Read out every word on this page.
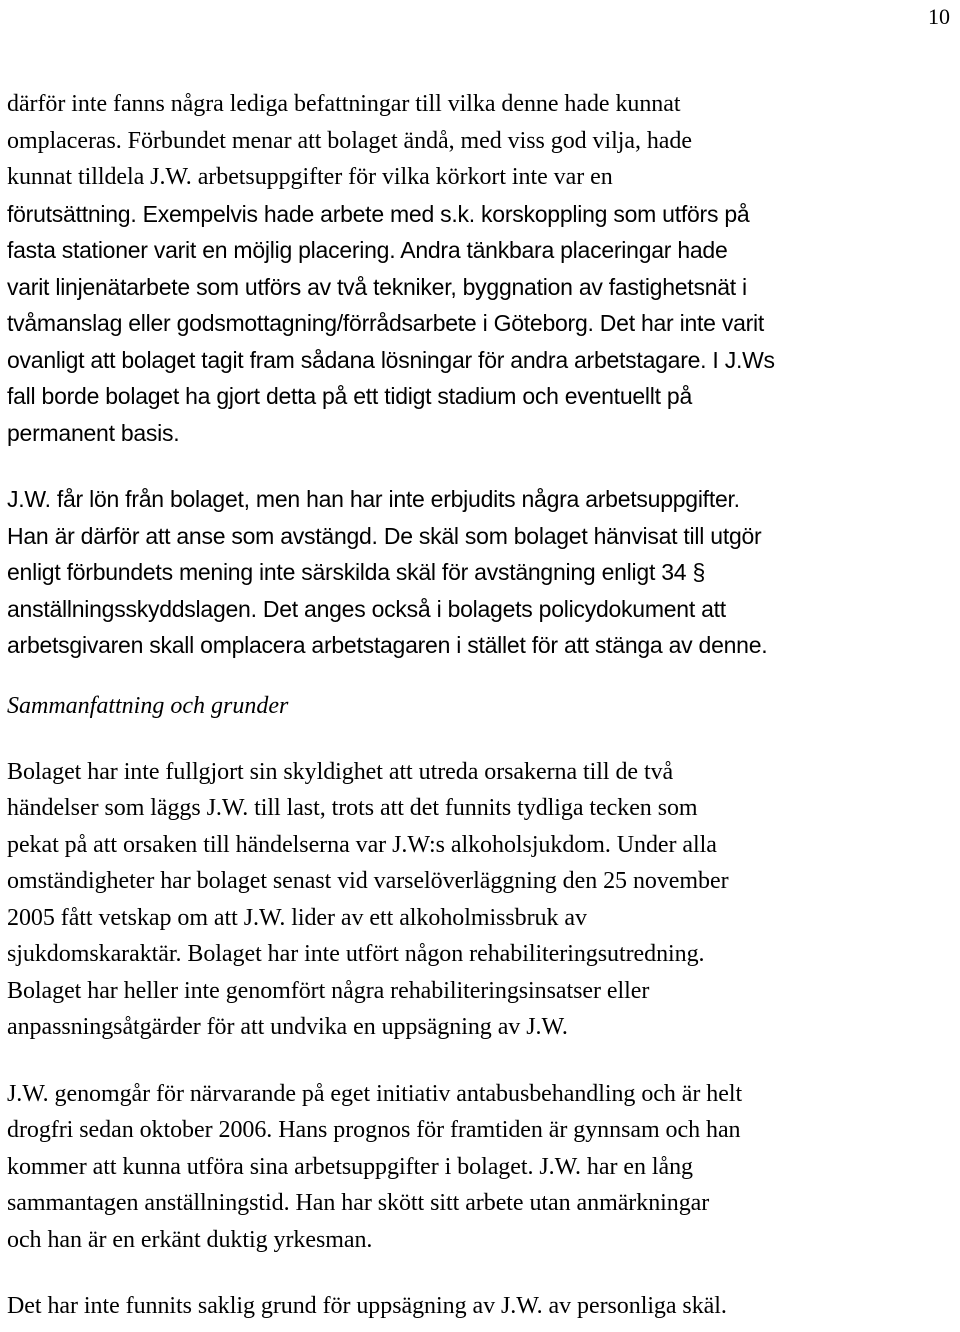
10

därför inte fanns några lediga befattningar till vilka denne hade kunnat
omplaceras. Förbundet menar att bolaget ändå, med viss god vilja, hade
kunnat tilldela J.W. arbetsuppgifter för vilka körkort inte var en
förutsättning. Exempelvis hade arbete med s.k. korskoppling som utförs på
fasta stationer varit en möjlig placering. Andra tänkbara placeringar hade
varit linjenätarbete som utförs av två tekniker, byggnation av fastighetsnät i
tvåmanslag eller godsmottagning/förrådsarbete i Göteborg. Det har inte varit
ovanligt att bolaget tagit fram sådana lösningar för andra arbetstagare. I J.Ws
fall borde bolaget ha gjort detta på ett tidigt stadium och eventuellt på
permanent basis.

J.W. får lön från bolaget, men han har inte erbjudits några arbetsuppgifter.
Han är därför att anse som avstängd. De skäl som bolaget hänvisat till utgör
enligt förbundets mening inte särskilda skäl för avstängning enligt 34 §
anställningsskyddslagen. Det anges också i bolagets policydokument att
arbetsgivaren skall omplacera arbetstagaren i stället för att stänga av denne.

Sammanfattning och grunder

Bolaget har inte fullgjort sin skyldighet att utreda orsakerna till de två
händelser som läggs J.W. till last, trots att det funnits tydliga tecken som
pekat på att orsaken till händelserna var J.W:s alkoholsjukdom. Under alla
omständigheter har bolaget senast vid varselöverläggning den 25 november
2005 fått vetskap om att J.W. lider av ett alkoholmissbruk av
sjukdomskaraktär. Bolaget har inte utfört någon rehabiliteringsutredning.
Bolaget har heller inte genomfört några rehabiliteringsinsatser eller
anpassningsåtgärder för att undvika en uppsägning av J.W.

J.W. genomgår för närvarande på eget initiativ antabusbehandling och är helt
drogfri sedan oktober 2006. Hans prognos för framtiden är gynnsam och han
kommer att kunna utföra sina arbetsuppgifter i bolaget. J.W. har en lång
sammantagen anställningstid. Han har skött sitt arbete utan anmärkningar
och han är en erkänt duktig yrkesman.

Det har inte funnits saklig grund för uppsägning av J.W. av personliga skäl.
